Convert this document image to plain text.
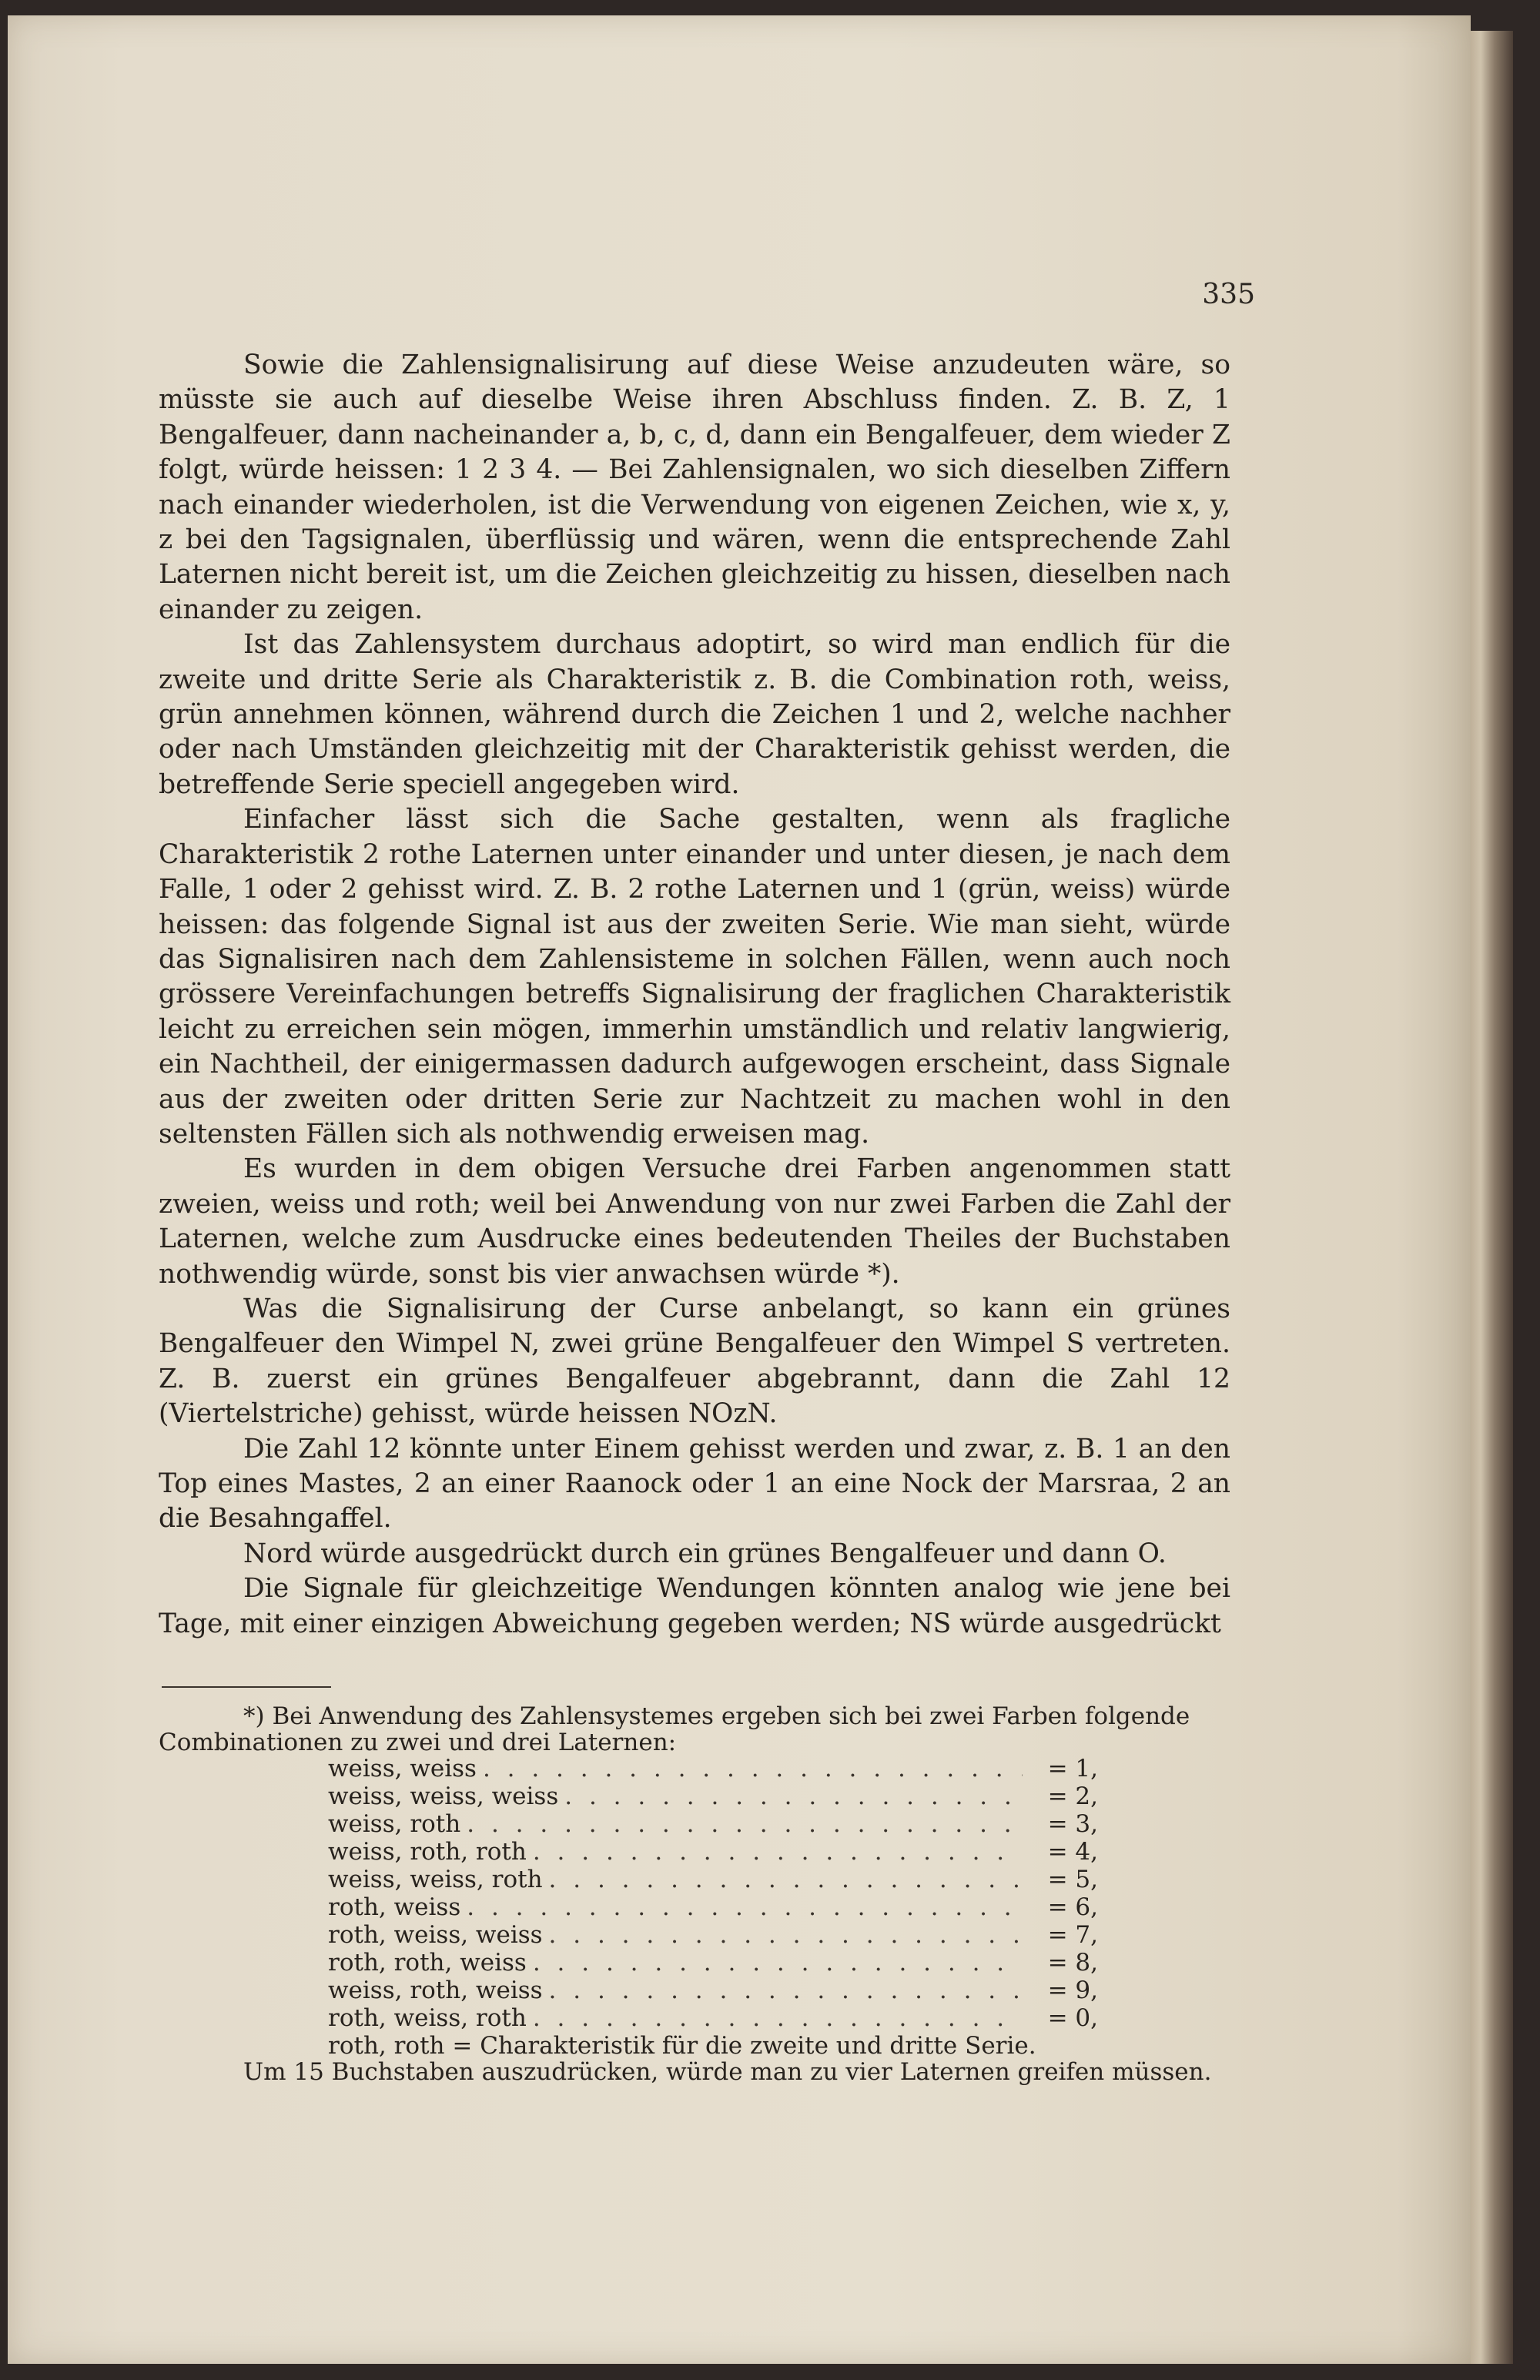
335

Sowie die Zahlensignalisirung auf diese Weise anzudeuten wäre, so müsste sie auch auf dieselbe Weise ihren Abschluss finden. Z. B. Z, 1 Bengalfeuer, dann nacheinander a, b, c, d, dann ein Bengalfeuer, dem wieder Z folgt, würde heissen: 1 2 3 4. — Bei Zahlensignalen, wo sich dieselben Ziffern nach einander wiederholen, ist die Verwendung von eigenen Zeichen, wie x, y, z bei den Tagsignalen, überflüssig und wären, wenn die entsprechende Zahl Laternen nicht bereit ist, um die Zeichen gleichzeitig zu hissen, dieselben nach einander zu zeigen.

Ist das Zahlensystem durchaus adoptirt, so wird man endlich für die zweite und dritte Serie als Charakteristik z. B. die Combination roth, weiss, grün annehmen können, während durch die Zeichen 1 und 2, welche nachher oder nach Umständen gleichzeitig mit der Charakteristik gehisst werden, die betreffende Serie speciell angegeben wird.

Einfacher lässt sich die Sache gestalten, wenn als fragliche Charakteristik 2 rothe Laternen unter einander und unter diesen, je nach dem Falle, 1 oder 2 gehisst wird. Z. B. 2 rothe Laternen und 1 (grün, weiss) würde heissen: das folgende Signal ist aus der zweiten Serie. Wie man sieht, würde das Signalisiren nach dem Zahlensisteme in solchen Fällen, wenn auch noch grössere Vereinfachungen betreffs Signalisirung der fraglichen Charakteristik leicht zu erreichen sein mögen, immerhin umständlich und relativ langwierig, ein Nachtheil, der einigermassen dadurch aufgewogen erscheint, dass Signale aus der zweiten oder dritten Serie zur Nachtzeit zu machen wohl in den seltensten Fällen sich als nothwendig erweisen mag.

Es wurden in dem obigen Versuche drei Farben angenommen statt zweien, weiss und roth; weil bei Anwendung von nur zwei Farben die Zahl der Laternen, welche zum Ausdrucke eines bedeutenden Theiles der Buchstaben nothwendig würde, sonst bis vier anwachsen würde *).

Was die Signalisirung der Curse anbelangt, so kann ein grünes Bengalfeuer den Wimpel N, zwei grüne Bengalfeuer den Wimpel S vertreten. Z. B. zuerst ein grünes Bengalfeuer abgebrannt, dann die Zahl 12 (Viertelstriche) gehisst, würde heissen NOzN.

Die Zahl 12 könnte unter Einem gehisst werden und zwar, z. B. 1 an den Top eines Mastes, 2 an einer Raanock oder 1 an eine Nock der Marsraa, 2 an die Besahngaffel.

Nord würde ausgedrückt durch ein grünes Bengalfeuer und dann O.

Die Signale für gleichzeitige Wendungen könnten analog wie jene bei Tage, mit einer einzigen Abweichung gegeben werden; NS würde ausgedrückt

*) Bei Anwendung des Zahlensystemes ergeben sich bei zwei Farben folgende Combinationen zu zwei und drei Laternen:
weiss, weiss . . .	= 1,
weiss, weiss, weiss . . .	= 2,
weiss, roth . . .	= 3,
weiss, roth, roth . . .	= 4,
weiss, weiss, roth . . .	= 5,
roth, weiss . . .	= 6,
roth, weiss, weiss . . .	= 7,
roth, roth, weiss . . .	= 8,
weiss, roth, weiss . . .	= 9,
roth, weiss, roth . . .	= 0,
roth, roth = Charakteristik für die zweite und dritte Serie.
Um 15 Buchstaben auszudrücken, würde man zu vier Laternen greifen müssen.
